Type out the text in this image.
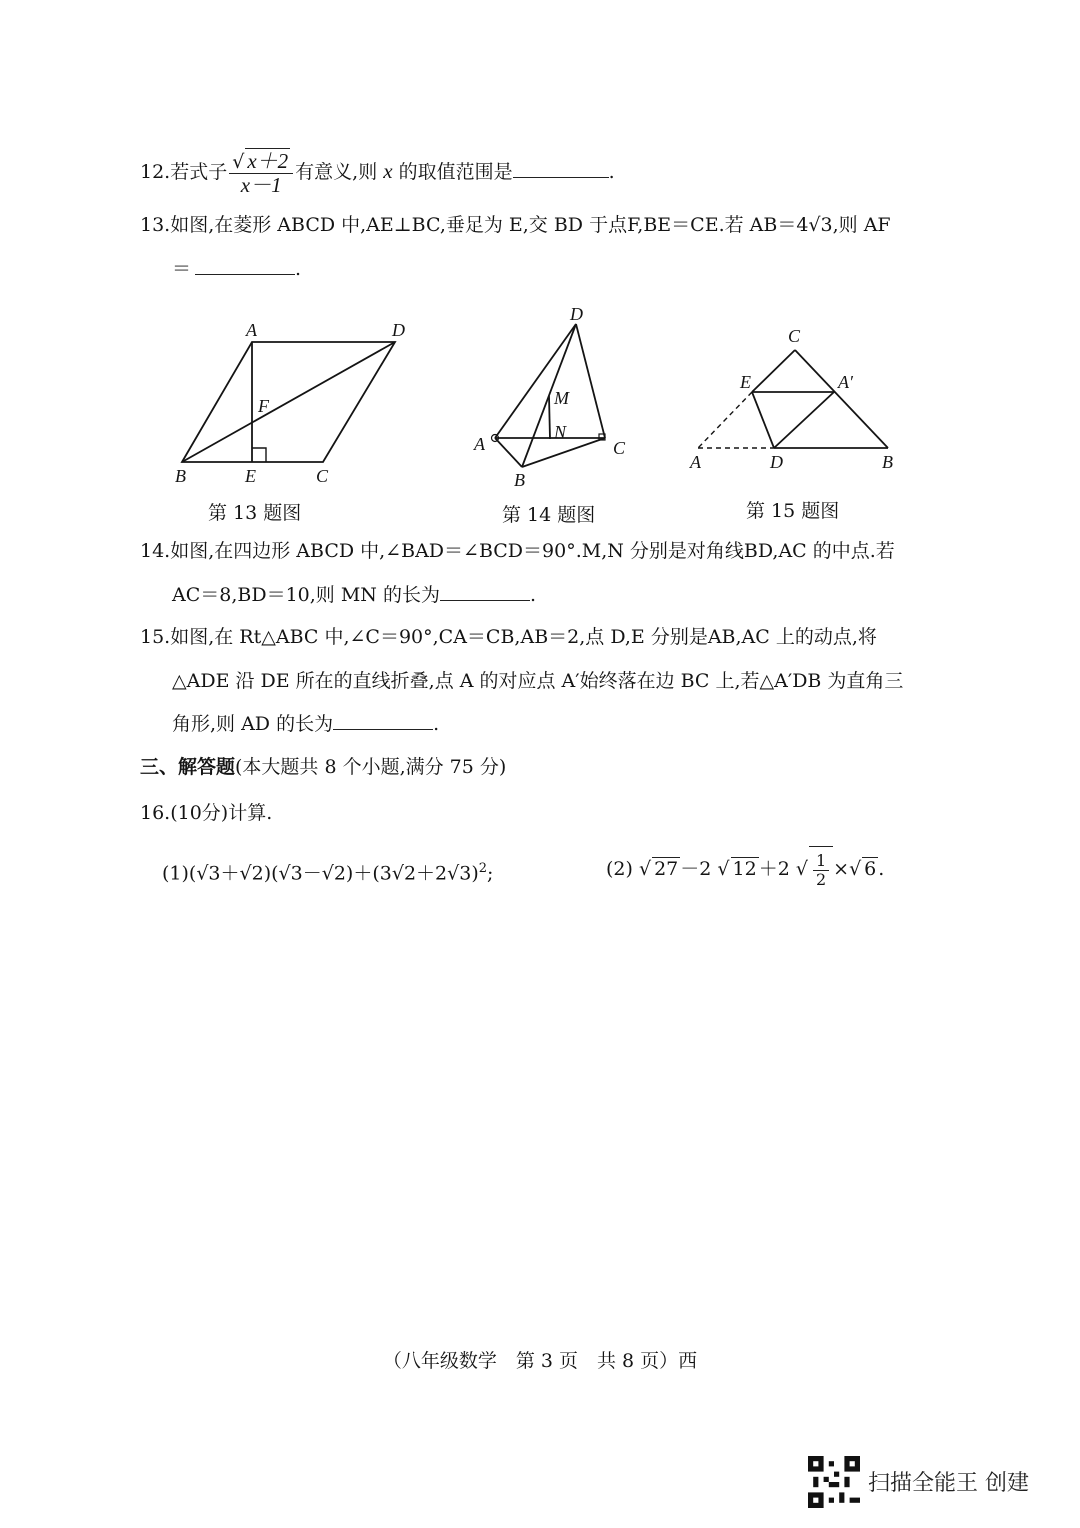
12.若式子 $\frac{√ x+2}{x-1}$ 有意义,则 x 的取值范围是	.
13.如图,在菱形 ABCD 中,AE⊥BC,垂足为 E,交 BD 于点F,BE＝CE.若 AB＝4√3,则 AF
＝	.
A	D
F
B	E	C
第 13 题图
D
M
N
A	C
B
第 14 题图
C
E	A′
A	D	B
第 15 题图
14.如图,在四边形 ABCD 中,∠BAD＝∠BCD＝90°.M,N 分别是对角线BD,AC 的中点.若
AC＝8,BD＝10,则 MN 的长为	.
15.如图,在 Rt△ABC 中,∠C＝90°,CA＝CB,AB＝2,点 D,E 分别是AB,AC 上的动点,将
△ADE 沿 DE 所在的直线折叠,点 A 的对应点 A′始终落在边 BC 上,若△A′DB 为直角三
角形,则 AD 的长为	.
三、解答题(本大题共 8 个小题,满分 75 分)
16.(10分)计算.
$(1)(√3+√2)(√3-√2)+(3√2+2√3)^2$;	(2) √ 27 －2 √ 12 ＋2 √ $\frac{1}{2}$ ×√ 6 .
（八年级数学　第 3 页　共 8 页）西
扫描全能王 创建
